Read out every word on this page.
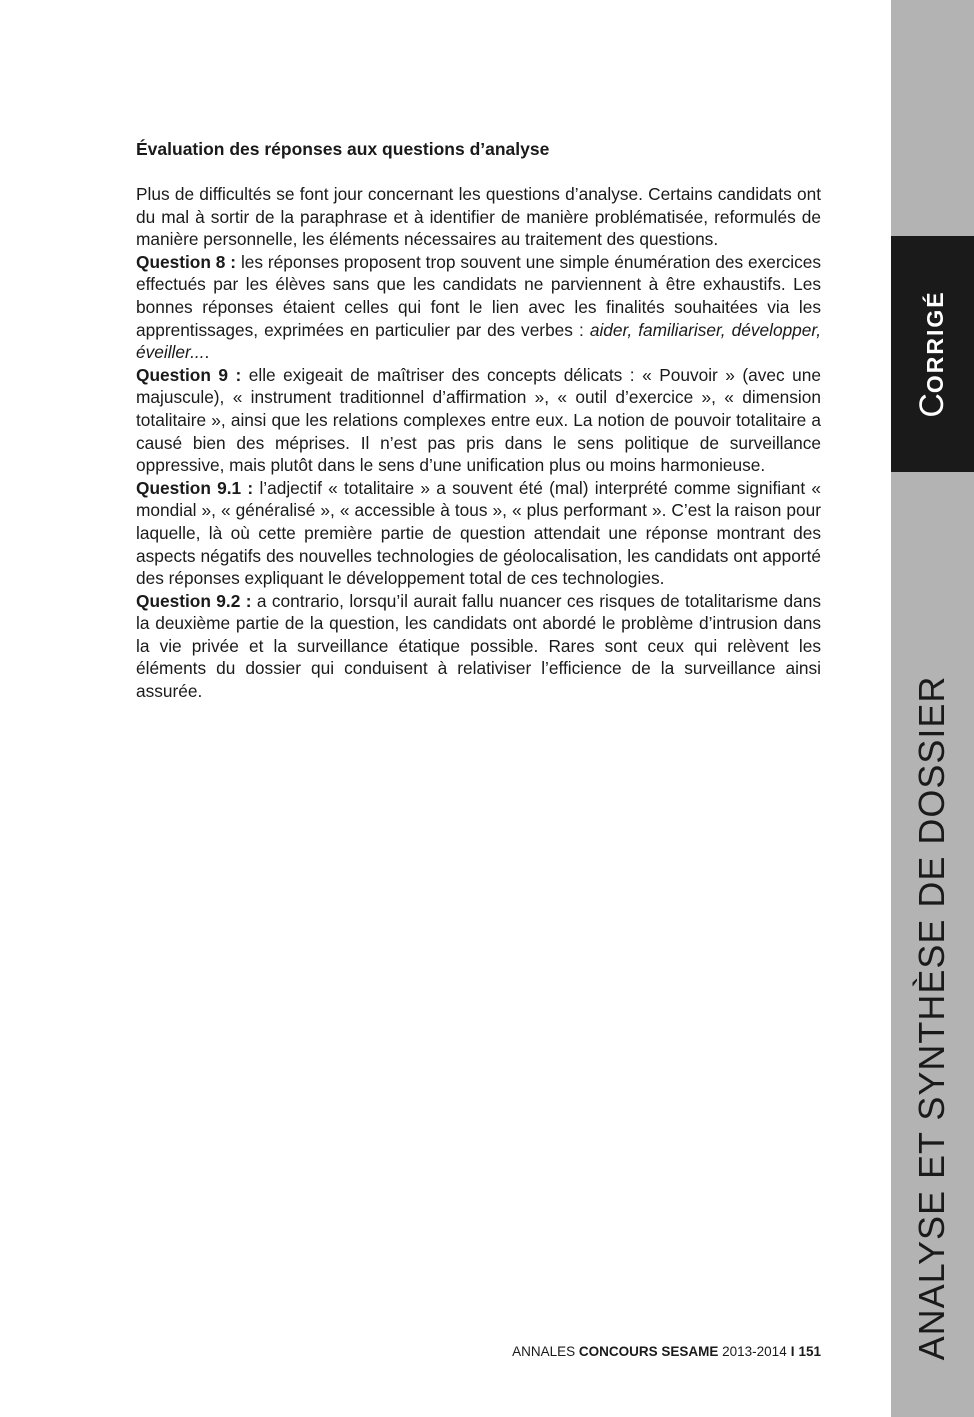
Évaluation des réponses aux questions d’analyse

Plus de difficultés se font jour concernant les questions d’analyse. Certains candidats ont du mal à sortir de la paraphrase et à identifier de manière problématisée, reformulés de manière personnelle, les éléments nécessaires au traitement des questions.

Question 8 : les réponses proposent trop souvent une simple énumération des exercices effectués par les élèves sans que les candidats ne parviennent à être exhaustifs. Les bonnes réponses étaient celles qui font le lien avec les finalités souhaitées via les apprentissages, exprimées en particulier par des verbes : aider, familiariser, développer, éveiller....

Question 9 : elle exigeait de maîtriser des concepts délicats : « Pouvoir » (avec une majuscule), « instrument traditionnel d’affirmation », « outil d’exercice », « dimension totalitaire », ainsi que les relations complexes entre eux. La notion de pouvoir totalitaire a causé bien des méprises. Il n’est pas pris dans le sens politique de surveillance oppressive, mais plutôt dans le sens d’une unification plus ou moins harmonieuse.

Question 9.1 : l’adjectif « totalitaire » a souvent été (mal) interprété comme signifiant « mondial », « généralisé », « accessible à tous », « plus performant ». C’est la raison pour laquelle, là où cette première partie de question attendait une réponse montrant des aspects négatifs des nouvelles technologies de géolocalisation, les candidats ont apporté des réponses expliquant le développement total de ces technologies.

Question 9.2 : a contrario, lorsqu’il aurait fallu nuancer ces risques de totalitarisme dans la deuxième partie de la question, les candidats ont abordé le problème d’intrusion dans la vie privée et la surveillance étatique possible. Rares sont ceux qui relèvent les éléments du dossier qui conduisent à relativiser l’efficience de la surveillance ainsi assurée.

ANNALES CONCOURS SESAME 2013-2014 I 151
CORRIGÉ
ANALYSE ET SYNTHÈSE DE DOSSIER
